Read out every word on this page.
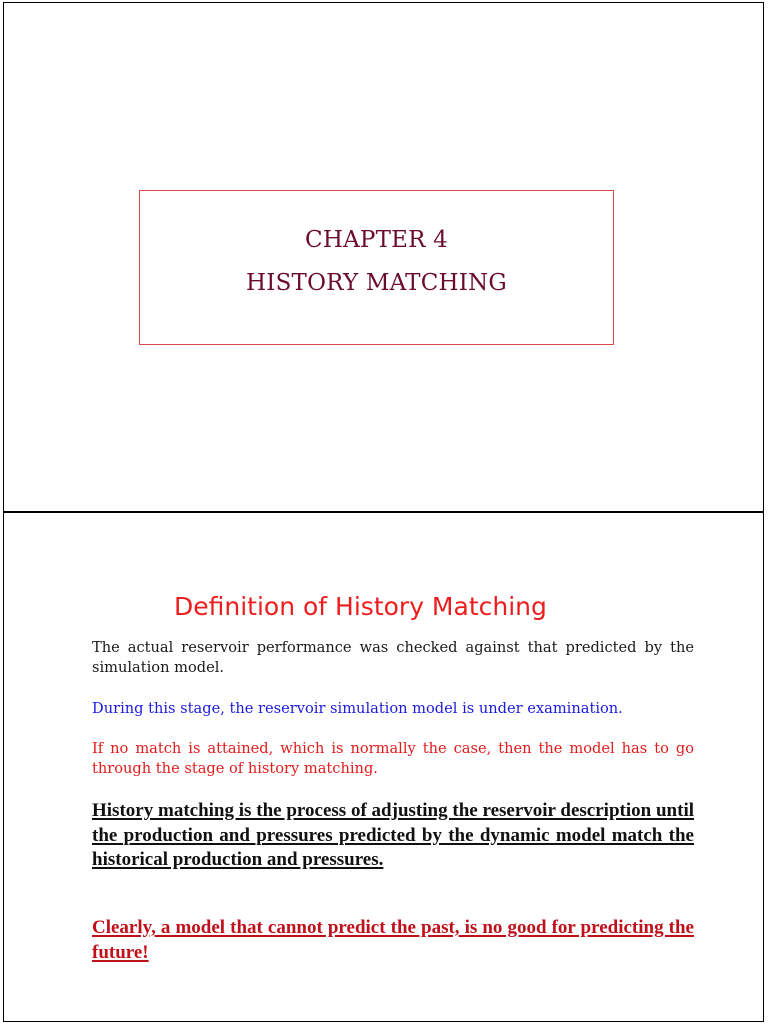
CHAPTER 4
HISTORY MATCHING
Definition of History Matching
The actual reservoir performance was checked against that predicted by the simulation model.
During this stage, the reservoir simulation model is under examination.
If no match is attained, which is normally the case, then the model has to go through the stage of history matching.
History matching is the process of adjusting the reservoir description until the production and pressures predicted by the dynamic model match the historical production and pressures.
Clearly, a model that cannot predict the past, is no good for predicting the future!
